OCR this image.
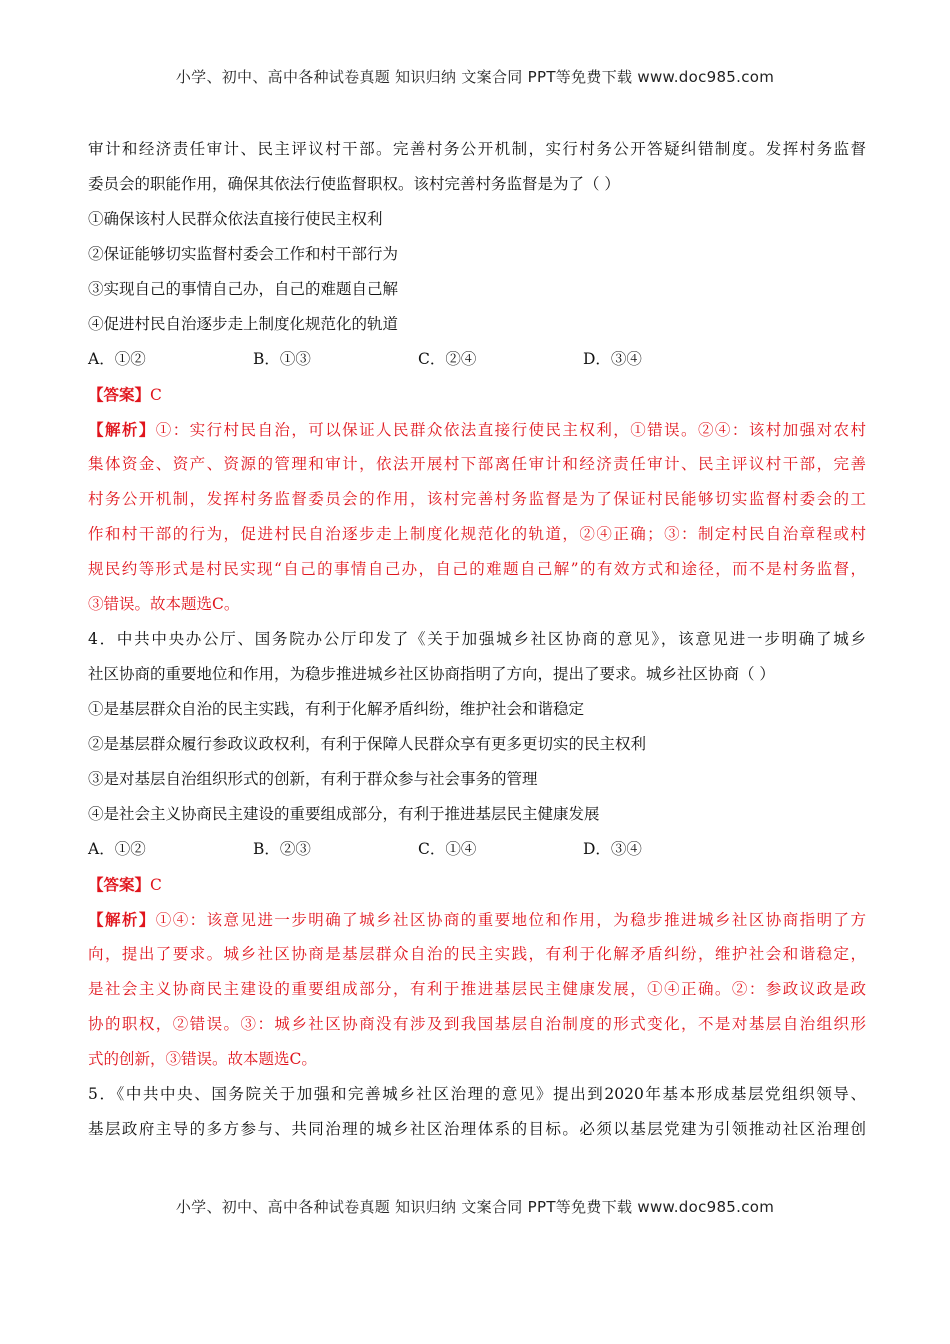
小学、初中、高中各种试卷真题 知识归纳 文案合同 PPT等免费下载 www.doc985.com
审计和经济责任审计、民主评议村干部。完善村务公开机制，实行村务公开答疑纠错制度。发挥村务监督
委员会的职能作用，确保其依法行使监督职权。该村完善村务监督是为了（ ）
①确保该村人民群众依法直接行使民主权利
②保证能够切实监督村委会工作和村干部行为
③实现自己的事情自己办，自己的难题自己解
④促进村民自治逐步走上制度化规范化的轨道
A．①②	B．①③	C．②④	D．③④
【答案】C
【解析】①：实行村民自治，可以保证人民群众依法直接行使民主权利，①错误。②④：该村加强对农村
集体资金、资产、资源的管理和审计，依法开展村下部离任审计和经济责任审计、民主评议村干部，完善
村务公开机制，发挥村务监督委员会的作用，该村完善村务监督是为了保证村民能够切实监督村委会的工
作和村干部的行为，促进村民自治逐步走上制度化规范化的轨道，②④正确；③：制定村民自治章程或村
规民约等形式是村民实现“自己的事情自己办，自己的难题自己解”的有效方式和途径，而不是村务监督，
③错误。故本题选C。
4．中共中央办公厅、国务院办公厅印发了《关于加强城乡社区协商的意见》，该意见进一步明确了城乡
社区协商的重要地位和作用，为稳步推进城乡社区协商指明了方向，提出了要求。城乡社区协商（ ）
①是基层群众自治的民主实践，有利于化解矛盾纠纷，维护社会和谐稳定
②是基层群众履行参政议政权利，有利于保障人民群众享有更多更切实的民主权利
③是对基层自治组织形式的创新，有利于群众参与社会事务的管理
④是社会主义协商民主建设的重要组成部分，有利于推进基层民主健康发展
A．①②	B．②③	C．①④	D．③④
【答案】C
【解析】①④：该意见进一步明确了城乡社区协商的重要地位和作用，为稳步推进城乡社区协商指明了方
向，提出了要求。城乡社区协商是基层群众自治的民主实践，有利于化解矛盾纠纷，维护社会和谐稳定，
是社会主义协商民主建设的重要组成部分，有利于推进基层民主健康发展，①④正确。②：参政议政是政
协的职权，②错误。③：城乡社区协商没有涉及到我国基层自治制度的形式变化，不是对基层自治组织形
式的创新，③错误。故本题选C。
5．《中共中央、国务院关于加强和完善城乡社区治理的意见》提出到2020年基本形成基层党组织领导、
基层政府主导的多方参与、共同治理的城乡社区治理体系的目标。必须以基层党建为引领推动社区治理创
小学、初中、高中各种试卷真题 知识归纳 文案合同 PPT等免费下载 www.doc985.com
